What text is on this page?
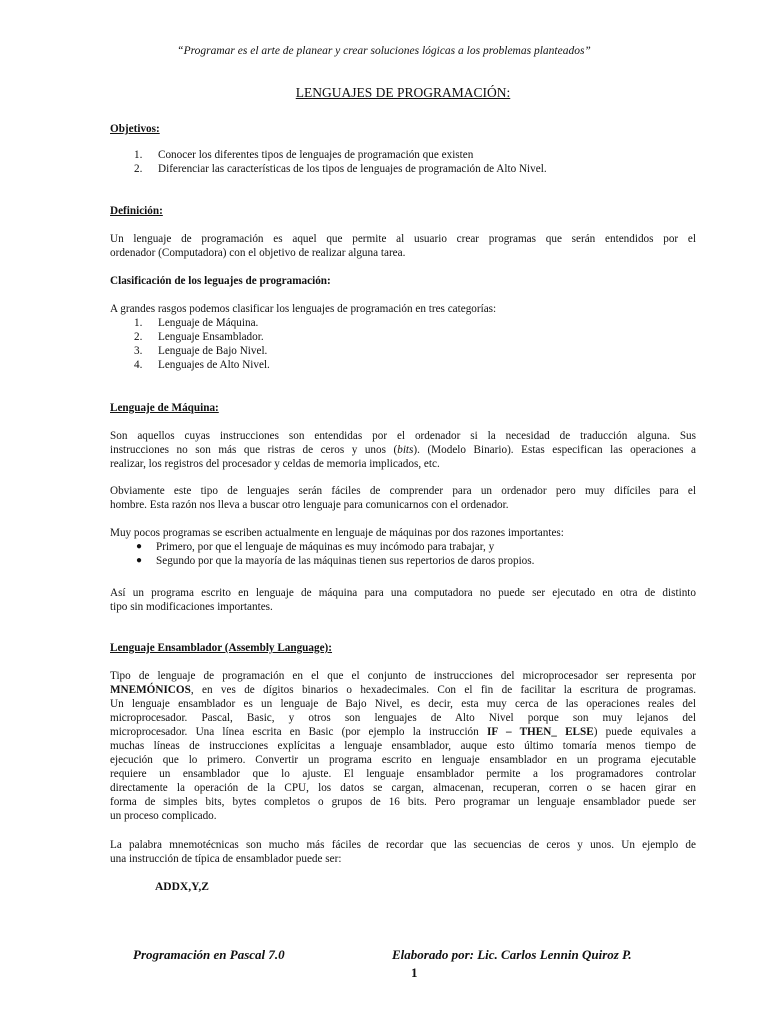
“Programar es el arte de planear y crear soluciones lógicas a los problemas planteados”
LENGUAJES DE PROGRAMACIÓN:
Objetivos:
1.	Conocer los diferentes tipos de lenguajes de programación que existen
2.	Diferenciar las características de los tipos de lenguajes de programación de Alto Nivel.
Definición:
Un lenguaje de programación es aquel que permite al usuario crear programas que serán entendidos por el
ordenador (Computadora) con el objetivo de realizar alguna tarea.
Clasificación de los leguajes de programación:
A grandes rasgos podemos clasificar los lenguajes de programación en tres categorías:
1.	Lenguaje de Máquina.
2.	Lenguaje Ensamblador.
3.	Lenguaje de Bajo Nivel.
4.	Lenguajes de Alto Nivel.
Lenguaje de Máquina:
Son aquellos cuyas instrucciones son entendidas por el ordenador si la necesidad de traducción alguna. Sus
instrucciones no son más que ristras de ceros y unos (bits). (Modelo Binario). Estas especifican las operaciones a
realizar, los registros del procesador y celdas de memoria implicados, etc.
Obviamente este tipo de lenguajes serán fáciles de comprender para un ordenador pero muy difíciles para el
hombre. Esta razón nos lleva a buscar otro lenguaje para comunicarnos con el ordenador.
Muy pocos programas se escriben actualmente en lenguaje de máquinas por dos razones importantes:
●	Primero, por que el lenguaje de máquinas es muy incómodo para trabajar, y
●	Segundo por que la mayoría de las máquinas tienen sus repertorios de daros propios.
Así un programa escrito en lenguaje de máquina para una computadora no puede ser ejecutado en otra de distinto
tipo sin modificaciones importantes.
Lenguaje Ensamblador (Assembly Language):
Tipo de lenguaje de programación en el que el conjunto de instrucciones del microprocesador ser representa por
MNEMÓNICOS, en ves de dígitos binarios o hexadecimales. Con el fin de facilitar la escritura de programas.
Un lenguaje ensamblador es un lenguaje de Bajo Nivel, es decir, esta muy cerca de las operaciones reales del
microprocesador. Pascal, Basic, y otros son lenguajes de Alto Nivel porque son muy lejanos del
microprocesador. Una línea escrita en Basic (por ejemplo la instrucción IF – THEN_ ELSE) puede equivales a
muchas líneas de instrucciones explícitas a lenguaje ensamblador, auque esto último tomaría menos tiempo de
ejecución que lo primero. Convertir un programa escrito en lenguaje ensamblador en un programa ejecutable
requiere un ensamblador que lo ajuste. El lenguaje ensamblador permite a los programadores controlar
directamente la operación de la CPU, los datos se cargan, almacenan, recuperan, corren o se hacen girar en
forma de simples bits, bytes completos o grupos de 16 bits. Pero programar un lenguaje ensamblador puede ser
un proceso complicado.
La palabra mnemotécnicas son mucho más fáciles de recordar que las secuencias de ceros y unos. Un ejemplo de
una instrucción de típica de ensamblador puede ser:
ADDX,Y,Z
Programación en Pascal 7.0	Elaborado por: Lic. Carlos Lennin Quiroz P.
1
